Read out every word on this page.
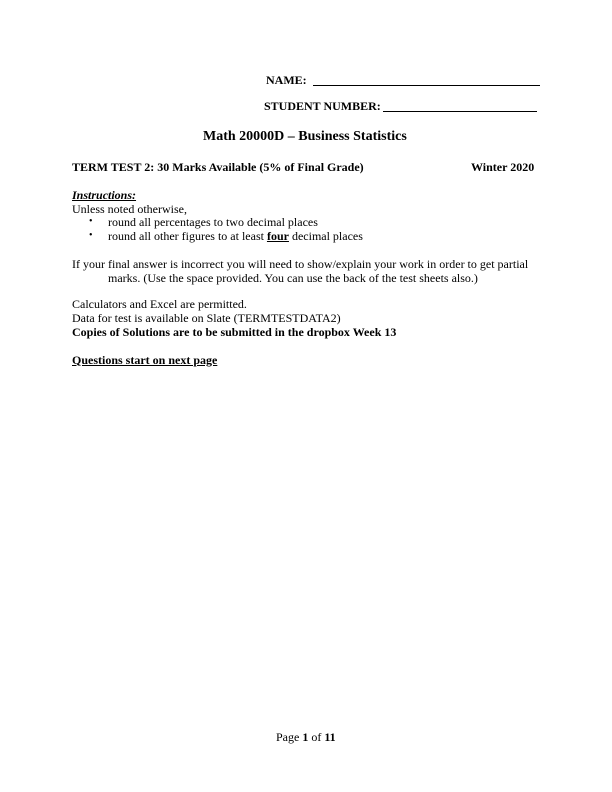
NAME:
STUDENT NUMBER:
Math 20000D – Business Statistics
TERM TEST 2: 30 Marks Available (5% of Final Grade)	Winter 2020
Instructions:
Unless noted otherwise,
• round all percentages to two decimal places
• round all other figures to at least four decimal places
If your final answer is incorrect you will need to show/explain your work in order to get partial
marks. (Use the space provided. You can use the back of the test sheets also.)
Calculators and Excel are permitted.
Data for test is available on Slate (TERMTESTDATA2)
Copies of Solutions are to be submitted in the dropbox Week 13
Questions start on next page
Page 1 of 11
